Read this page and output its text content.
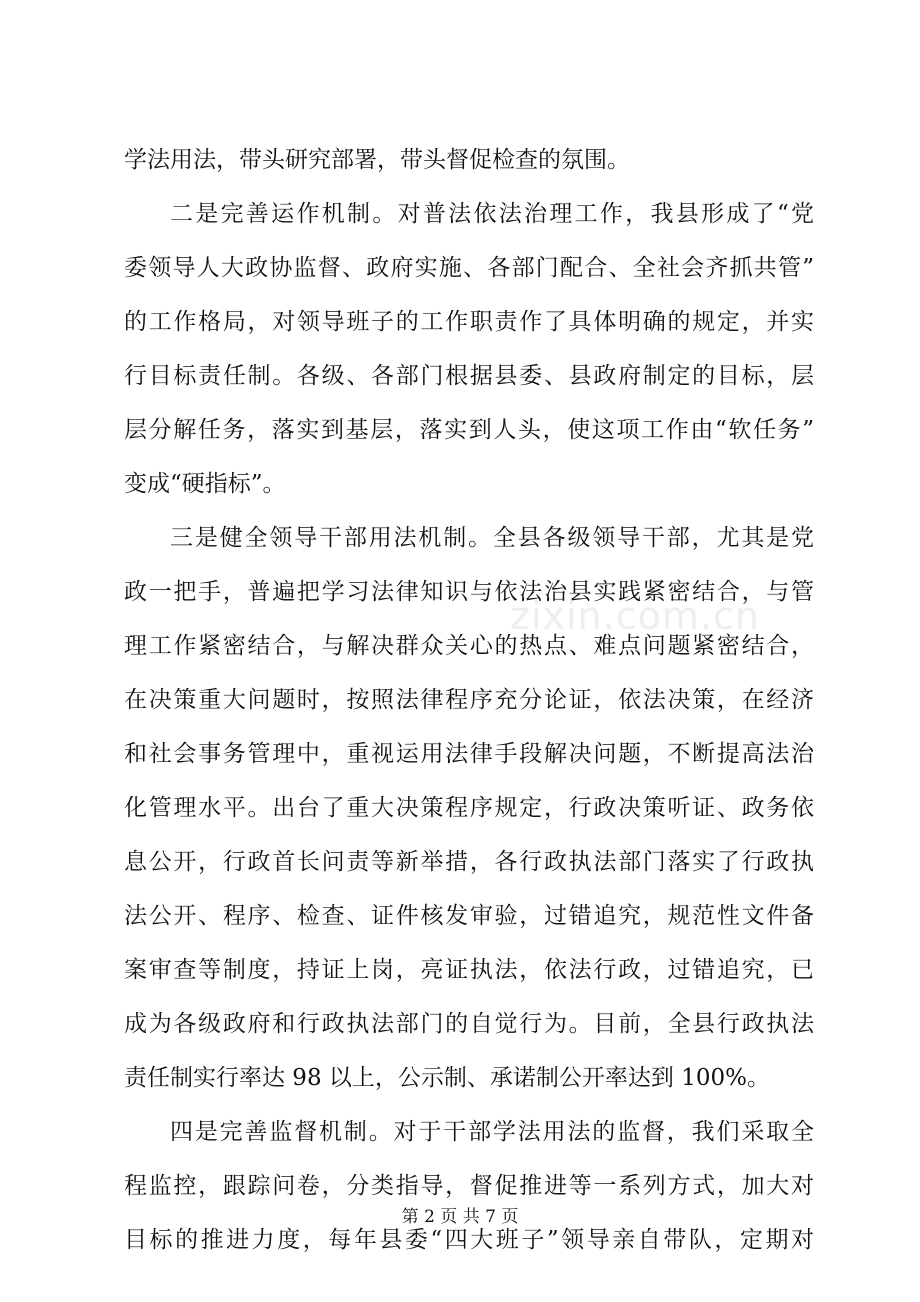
学法用法，带头研究部署，带头督促检查的氛围。
二是完善运作机制。对普法依法治理工作，我县形成了“党
委领导人大政协监督、政府实施、各部门配合、全社会齐抓共管”
的工作格局，对领导班子的工作职责作了具体明确的规定，并实
行目标责任制。各级、各部门根据县委、县政府制定的目标，层
层分解任务，落实到基层，落实到人头，使这项工作由“软任务”
变成“硬指标”。
三是健全领导干部用法机制。全县各级领导干部，尤其是党
政一把手，普遍把学习法律知识与依法治县实践紧密结合，与管
理工作紧密结合，与解决群众关心的热点、难点问题紧密结合，
在决策重大问题时，按照法律程序充分论证，依法决策，在经济
和社会事务管理中，重视运用法律手段解决问题，不断提高法治
化管理水平。出台了重大决策程序规定，行政决策听证、政务依
息公开，行政首长问责等新举措，各行政执法部门落实了行政执
法公开、程序、检查、证件核发审验，过错追究，规范性文件备
案审查等制度，持证上岗，亮证执法，依法行政，过错追究，已
成为各级政府和行政执法部门的自觉行为。目前，全县行政执法
责任制实行率达 98 以上，公示制、承诺制公开率达到 100%。
四是完善监督机制。对于干部学法用法的监督，我们采取全
程监控，跟踪问卷，分类指导，督促推进等一系列方式，加大对
目标的推进力度，每年县委“四大班子”领导亲自带队，定期对
zixin.com.cn
第 2 页 共 7 页
